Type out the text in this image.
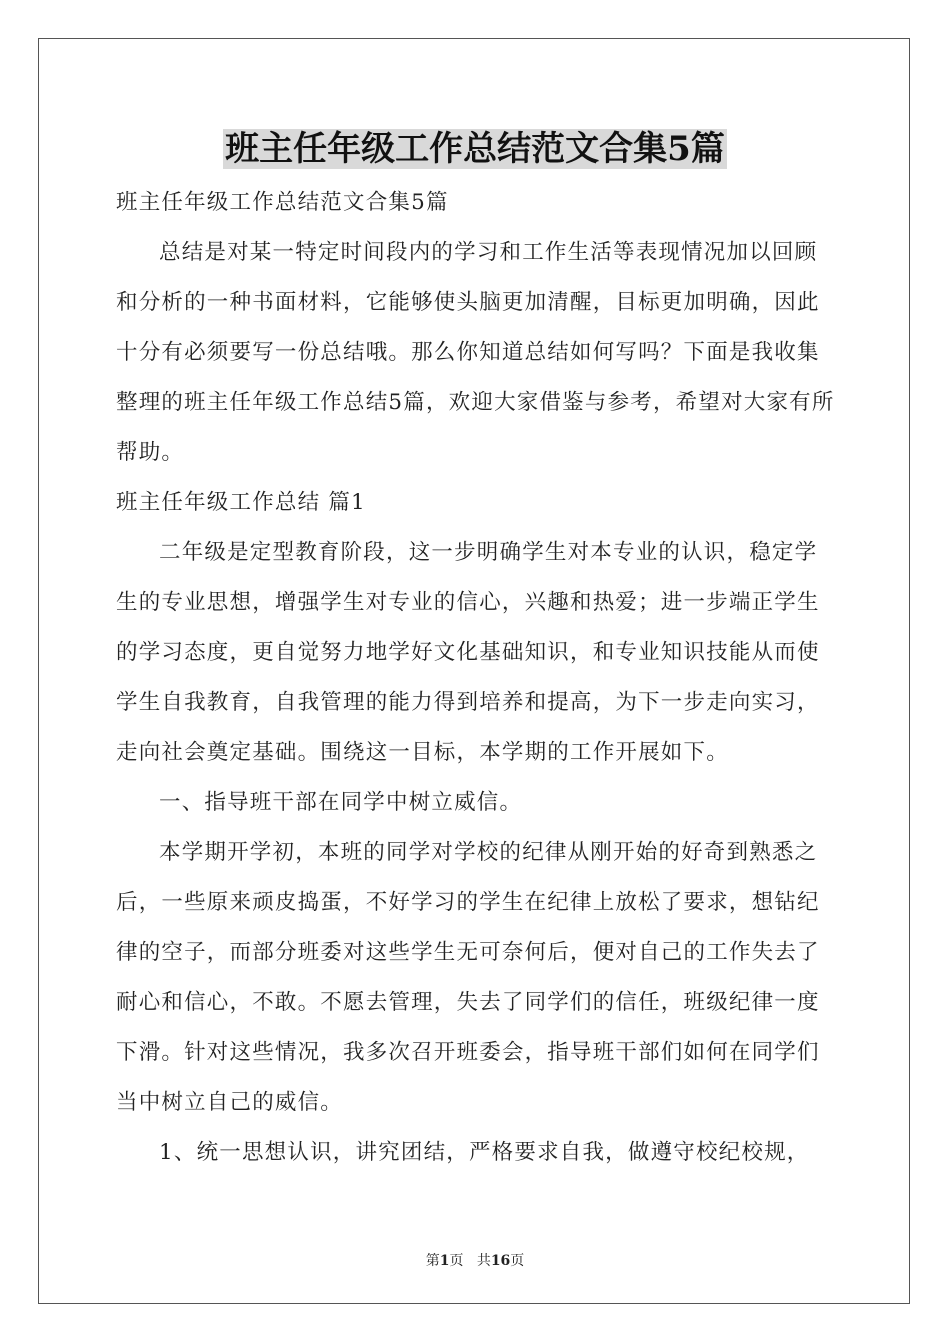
班主任年级工作总结范文合集5篇

班主任年级工作总结范文合集5篇

总结是对某一特定时间段内的学习和工作生活等表现情况加以回顾和分析的一种书面材料，它能够使头脑更加清醒，目标更加明确，因此十分有必须要写一份总结哦。那么你知道总结如何写吗？下面是我收集整理的班主任年级工作总结5篇，欢迎大家借鉴与参考，希望对大家有所帮助。

班主任年级工作总结 篇1

二年级是定型教育阶段，这一步明确学生对本专业的认识，稳定学生的专业思想，增强学生对专业的信心，兴趣和热爱；进一步端正学生的学习态度，更自觉努力地学好文化基础知识，和专业知识技能从而使学生自我教育，自我管理的能力得到培养和提高，为下一步走向实习，走向社会奠定基础。围绕这一目标，本学期的工作开展如下。

一、指导班干部在同学中树立威信。

本学期开学初，本班的同学对学校的纪律从刚开始的好奇到熟悉之后，一些原来顽皮捣蛋，不好学习的学生在纪律上放松了要求，想钻纪律的空子，而部分班委对这些学生无可奈何后，便对自己的工作失去了耐心和信心，不敢。不愿去管理，失去了同学们的信任，班级纪律一度下滑。针对这些情况，我多次召开班委会，指导班干部们如何在同学们当中树立自己的威信。

1、统一思想认识，讲究团结，严格要求自我，做遵守校纪校规，

第1页 共16页
